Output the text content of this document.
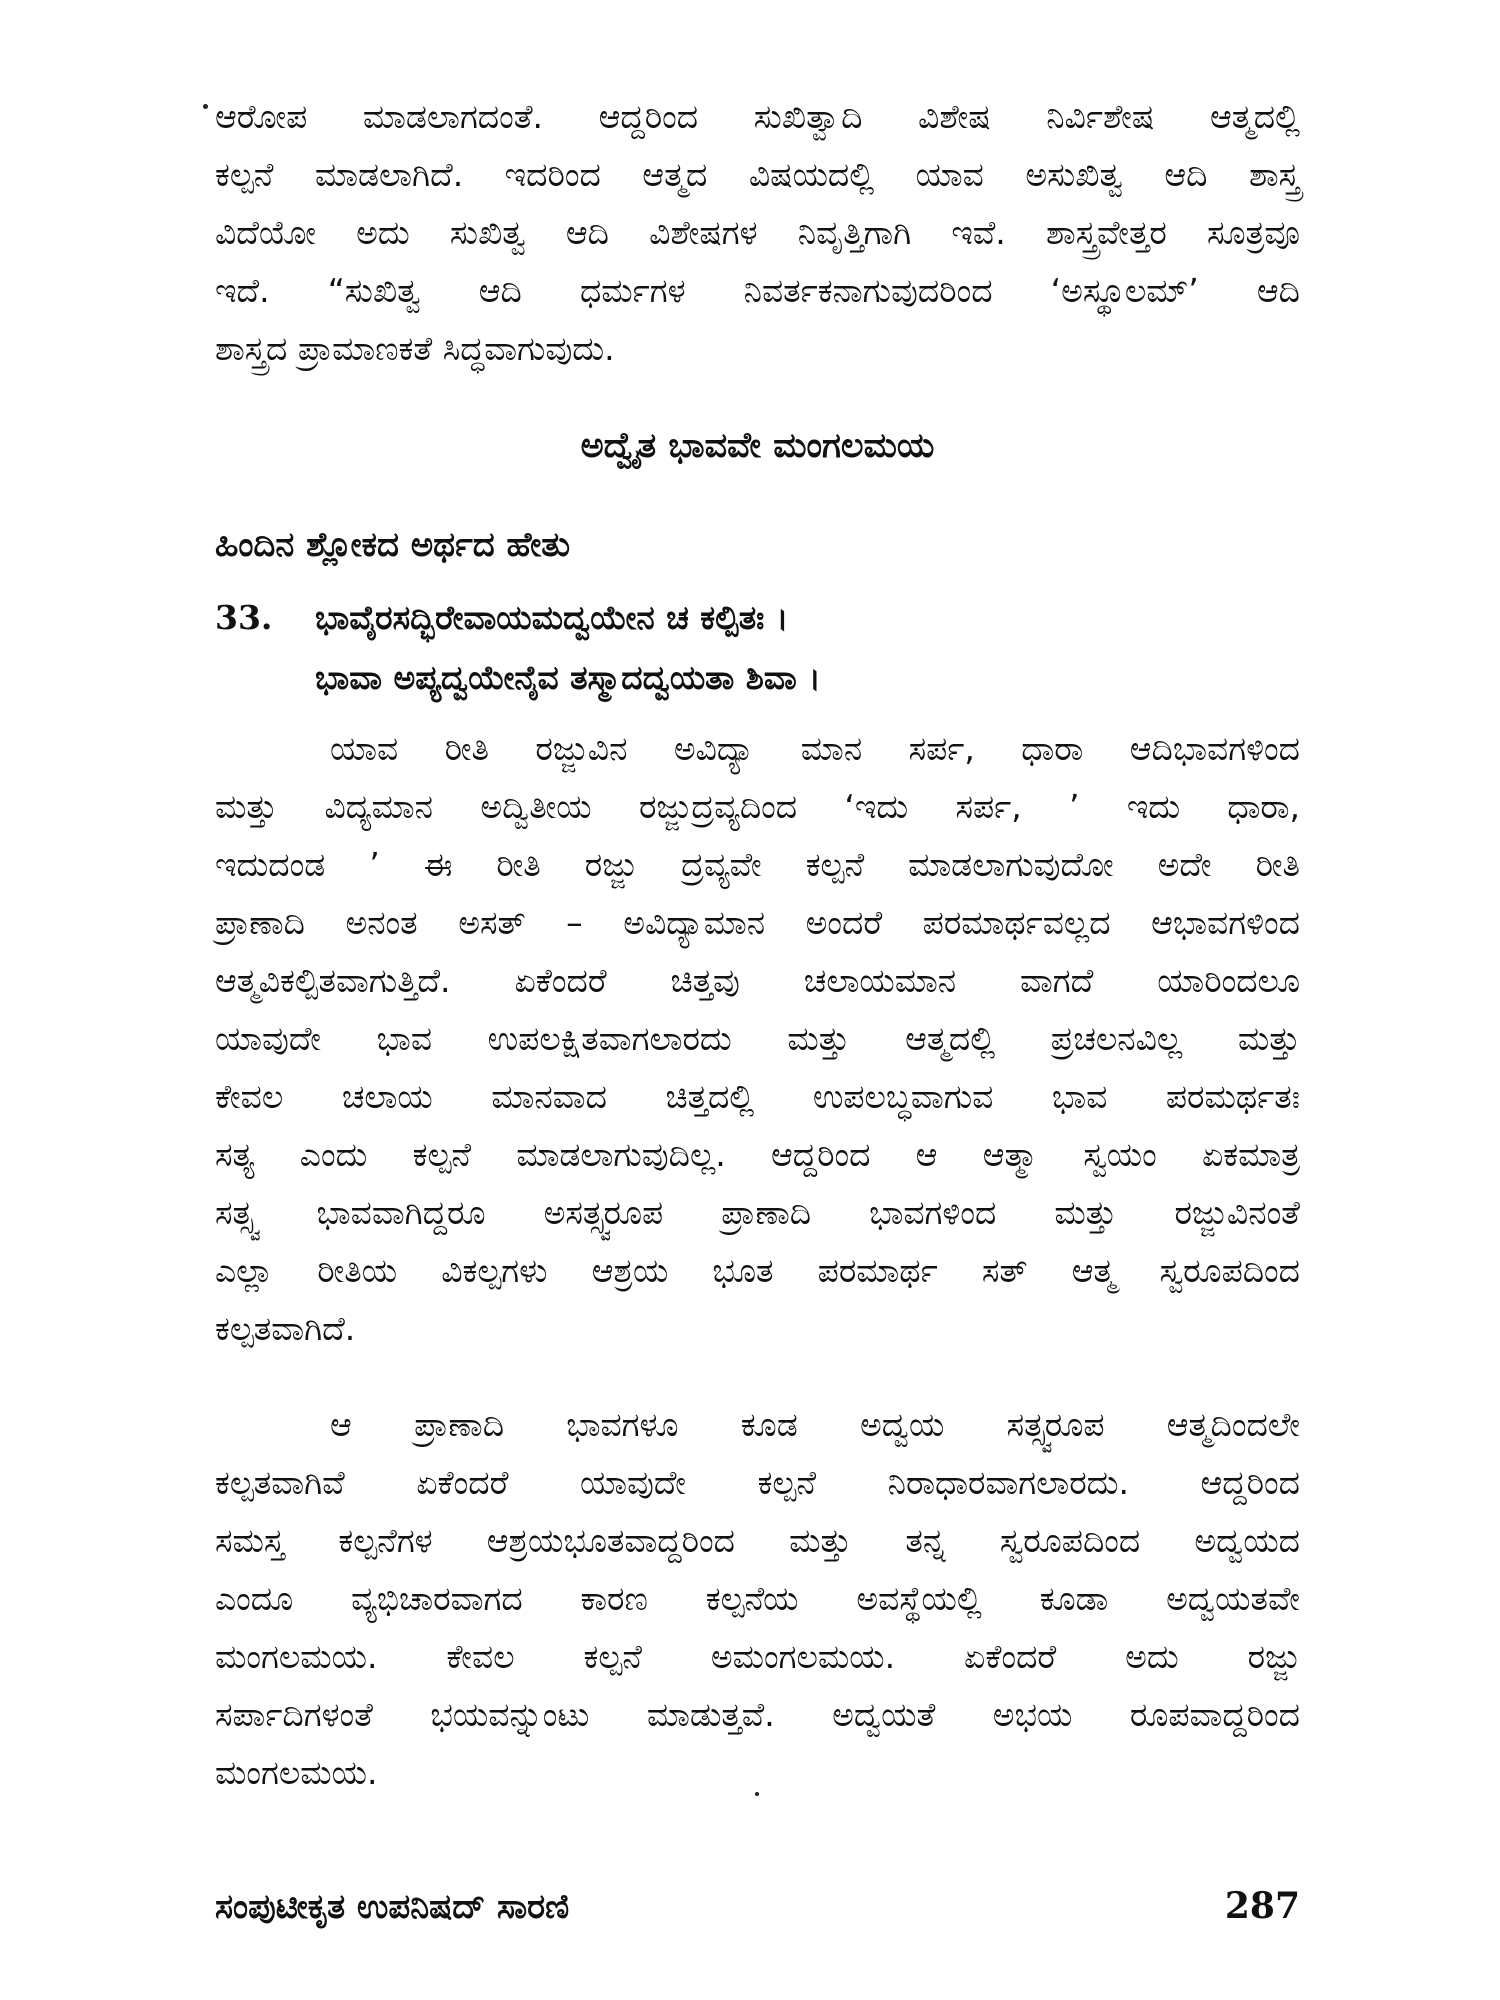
ಆರೋಪ ಮಾಡಲಾಗದಂತೆ. ಆದ್ದರಿಂದ ಸುಖಿತ್ವಾದಿ ವಿಶೇಷ ನಿರ್ವಿಶೇಷ ಆತ್ಮದಲ್ಲಿ
ಕಲ್ಪನೆ ಮಾಡಲಾಗಿದೆ. ಇದರಿಂದ ಆತ್ಮದ ವಿಷಯದಲ್ಲಿ ಯಾವ ಅಸುಖಿತ್ವ ಆದಿ ಶಾಸ್ತ್ರ
ವಿದೆಯೋ ಅದು ಸುಖಿತ್ವ ಆದಿ ವಿಶೇಷಗಳ ನಿವೃತ್ತಿಗಾಗಿ ಇವೆ. ಶಾಸ್ತ್ರವೇತ್ತರ ಸೂತ್ರವೂ
ಇದೆ. “ಸುಖಿತ್ವ ಆದಿ ಧರ್ಮಗಳ ನಿವರ್ತಕನಾಗುವುದರಿಂದ ‘ಅಸ್ಥೂಲಮ್’ ಆದಿ
ಶಾಸ್ತ್ರದ ಪ್ರಾಮಾಣಕತೆ ಸಿದ್ಧವಾಗುವುದು.

ಅದ್ವೈತ ಭಾವವೇ ಮಂಗಲಮಯ
ಹಿಂದಿನ ಶ್ಲೋಕದ ಅರ್ಥದ ಹೇತು
33.	ಭಾವೈರಸದ್ಭಿರೇವಾಯಮದ್ವಯೇನ ಚ ಕಲ್ಪಿತಃ ।
ಭಾವಾ ಅಪ್ಯದ್ವಯೇನೈವ ತಸ್ಮಾದದ್ವಯತಾ ಶಿವಾ ।

ಯಾವ ರೀತಿ ರಜ್ಜುವಿನ ಅವಿದ್ಯಾ ಮಾನ ಸರ್ಪ, ಧಾರಾ ಆದಿಭಾವಗಳಿಂದ
ಮತ್ತು ವಿದ್ಯಮಾನ ಅದ್ವಿತೀಯ ರಜ್ಜುದ್ರವ್ಯದಿಂದ ‘ಇದು ಸರ್ಪ, ’ ಇದು ಧಾರಾ,
ಇದುದಂಡ ’ ಈ ರೀತಿ ರಜ್ಜು ದ್ರವ್ಯವೇ ಕಲ್ಪನೆ ಮಾಡಲಾಗುವುದೋ ಅದೇ ರೀತಿ
ಪ್ರಾಣಾದಿ ಅನಂತ ಅಸತ್ – ಅವಿದ್ಯಾಮಾನ ಅಂದರೆ ಪರಮಾರ್ಥವಲ್ಲದ ಆಭಾವಗಳಿಂದ
ಆತ್ಮವಿಕಲ್ಪಿತವಾಗುತ್ತಿದೆ. ಏಕೆಂದರೆ ಚಿತ್ತವು ಚಲಾಯಮಾನ ವಾಗದೆ ಯಾರಿಂದಲೂ
ಯಾವುದೇ ಭಾವ ಉಪಲಕ್ಷಿತವಾಗಲಾರದು ಮತ್ತು ಆತ್ಮದಲ್ಲಿ ಪ್ರಚಲನವಿಲ್ಲ ಮತ್ತು
ಕೇವಲ ಚಲಾಯ ಮಾನವಾದ ಚಿತ್ತದಲ್ಲಿ ಉಪಲಬ್ಧವಾಗುವ ಭಾವ ಪರಮರ್ಥತಃ
ಸತ್ಯ ಎಂದು ಕಲ್ಪನೆ ಮಾಡಲಾಗುವುದಿಲ್ಲ. ಆದ್ದರಿಂದ ಆ ಆತ್ಮಾ ಸ್ವಯಂ ಏಕಮಾತ್ರ
ಸತ್ಸ್ವ ಭಾವವಾಗಿದ್ದರೂ ಅಸತ್ಸ್ವರೂಪ ಪ್ರಾಣಾದಿ ಭಾವಗಳಿಂದ ಮತ್ತು ರಜ್ಜುವಿನಂತೆ
ಎಲ್ಲಾ ರೀತಿಯ ವಿಕಲ್ಪಗಳು ಆಶ್ರಯ ಭೂತ ಪರಮಾರ್ಥ ಸತ್ ಆತ್ಮ ಸ್ವರೂಪದಿಂದ
ಕಲ್ಪತವಾಗಿದೆ.

ಆ ಪ್ರಾಣಾದಿ ಭಾವಗಳೂ ಕೂಡ ಅದ್ವಯ ಸತ್ಸ್ವರೂಪ ಆತ್ಮದಿಂದಲೇ
ಕಲ್ಪತವಾಗಿವೆ ಏಕೆಂದರೆ ಯಾವುದೇ ಕಲ್ಪನೆ ನಿರಾಧಾರವಾಗಲಾರದು. ಆದ್ದರಿಂದ
ಸಮಸ್ತ ಕಲ್ಪನೆಗಳ ಆಶ್ರಯಭೂತವಾದ್ದರಿಂದ ಮತ್ತು ತನ್ನ ಸ್ವರೂಪದಿಂದ ಅದ್ವಯದ
ಎಂದೂ ವ್ಯಭಿಚಾರವಾಗದ ಕಾರಣ ಕಲ್ಪನೆಯ ಅವಸ್ಥೆಯಲ್ಲಿ ಕೂಡಾ ಅದ್ವಯತವೇ
ಮಂಗಲಮಯ. ಕೇವಲ ಕಲ್ಪನೆ ಅಮಂಗಲಮಯ. ಏಕೆಂದರೆ ಅದು ರಜ್ಜು
ಸರ್ಪಾದಿಗಳಂತೆ ಭಯವನ್ನುಂಟು ಮಾಡುತ್ತವೆ. ಅದ್ವಯತೆ ಅಭಯ ರೂಪವಾದ್ದರಿಂದ
ಮಂಗಲಮಯ.

ಸಂಪುಟೀಕೃತ ಉಪನಿಷದ್ ಸಾರಣಿ	287
